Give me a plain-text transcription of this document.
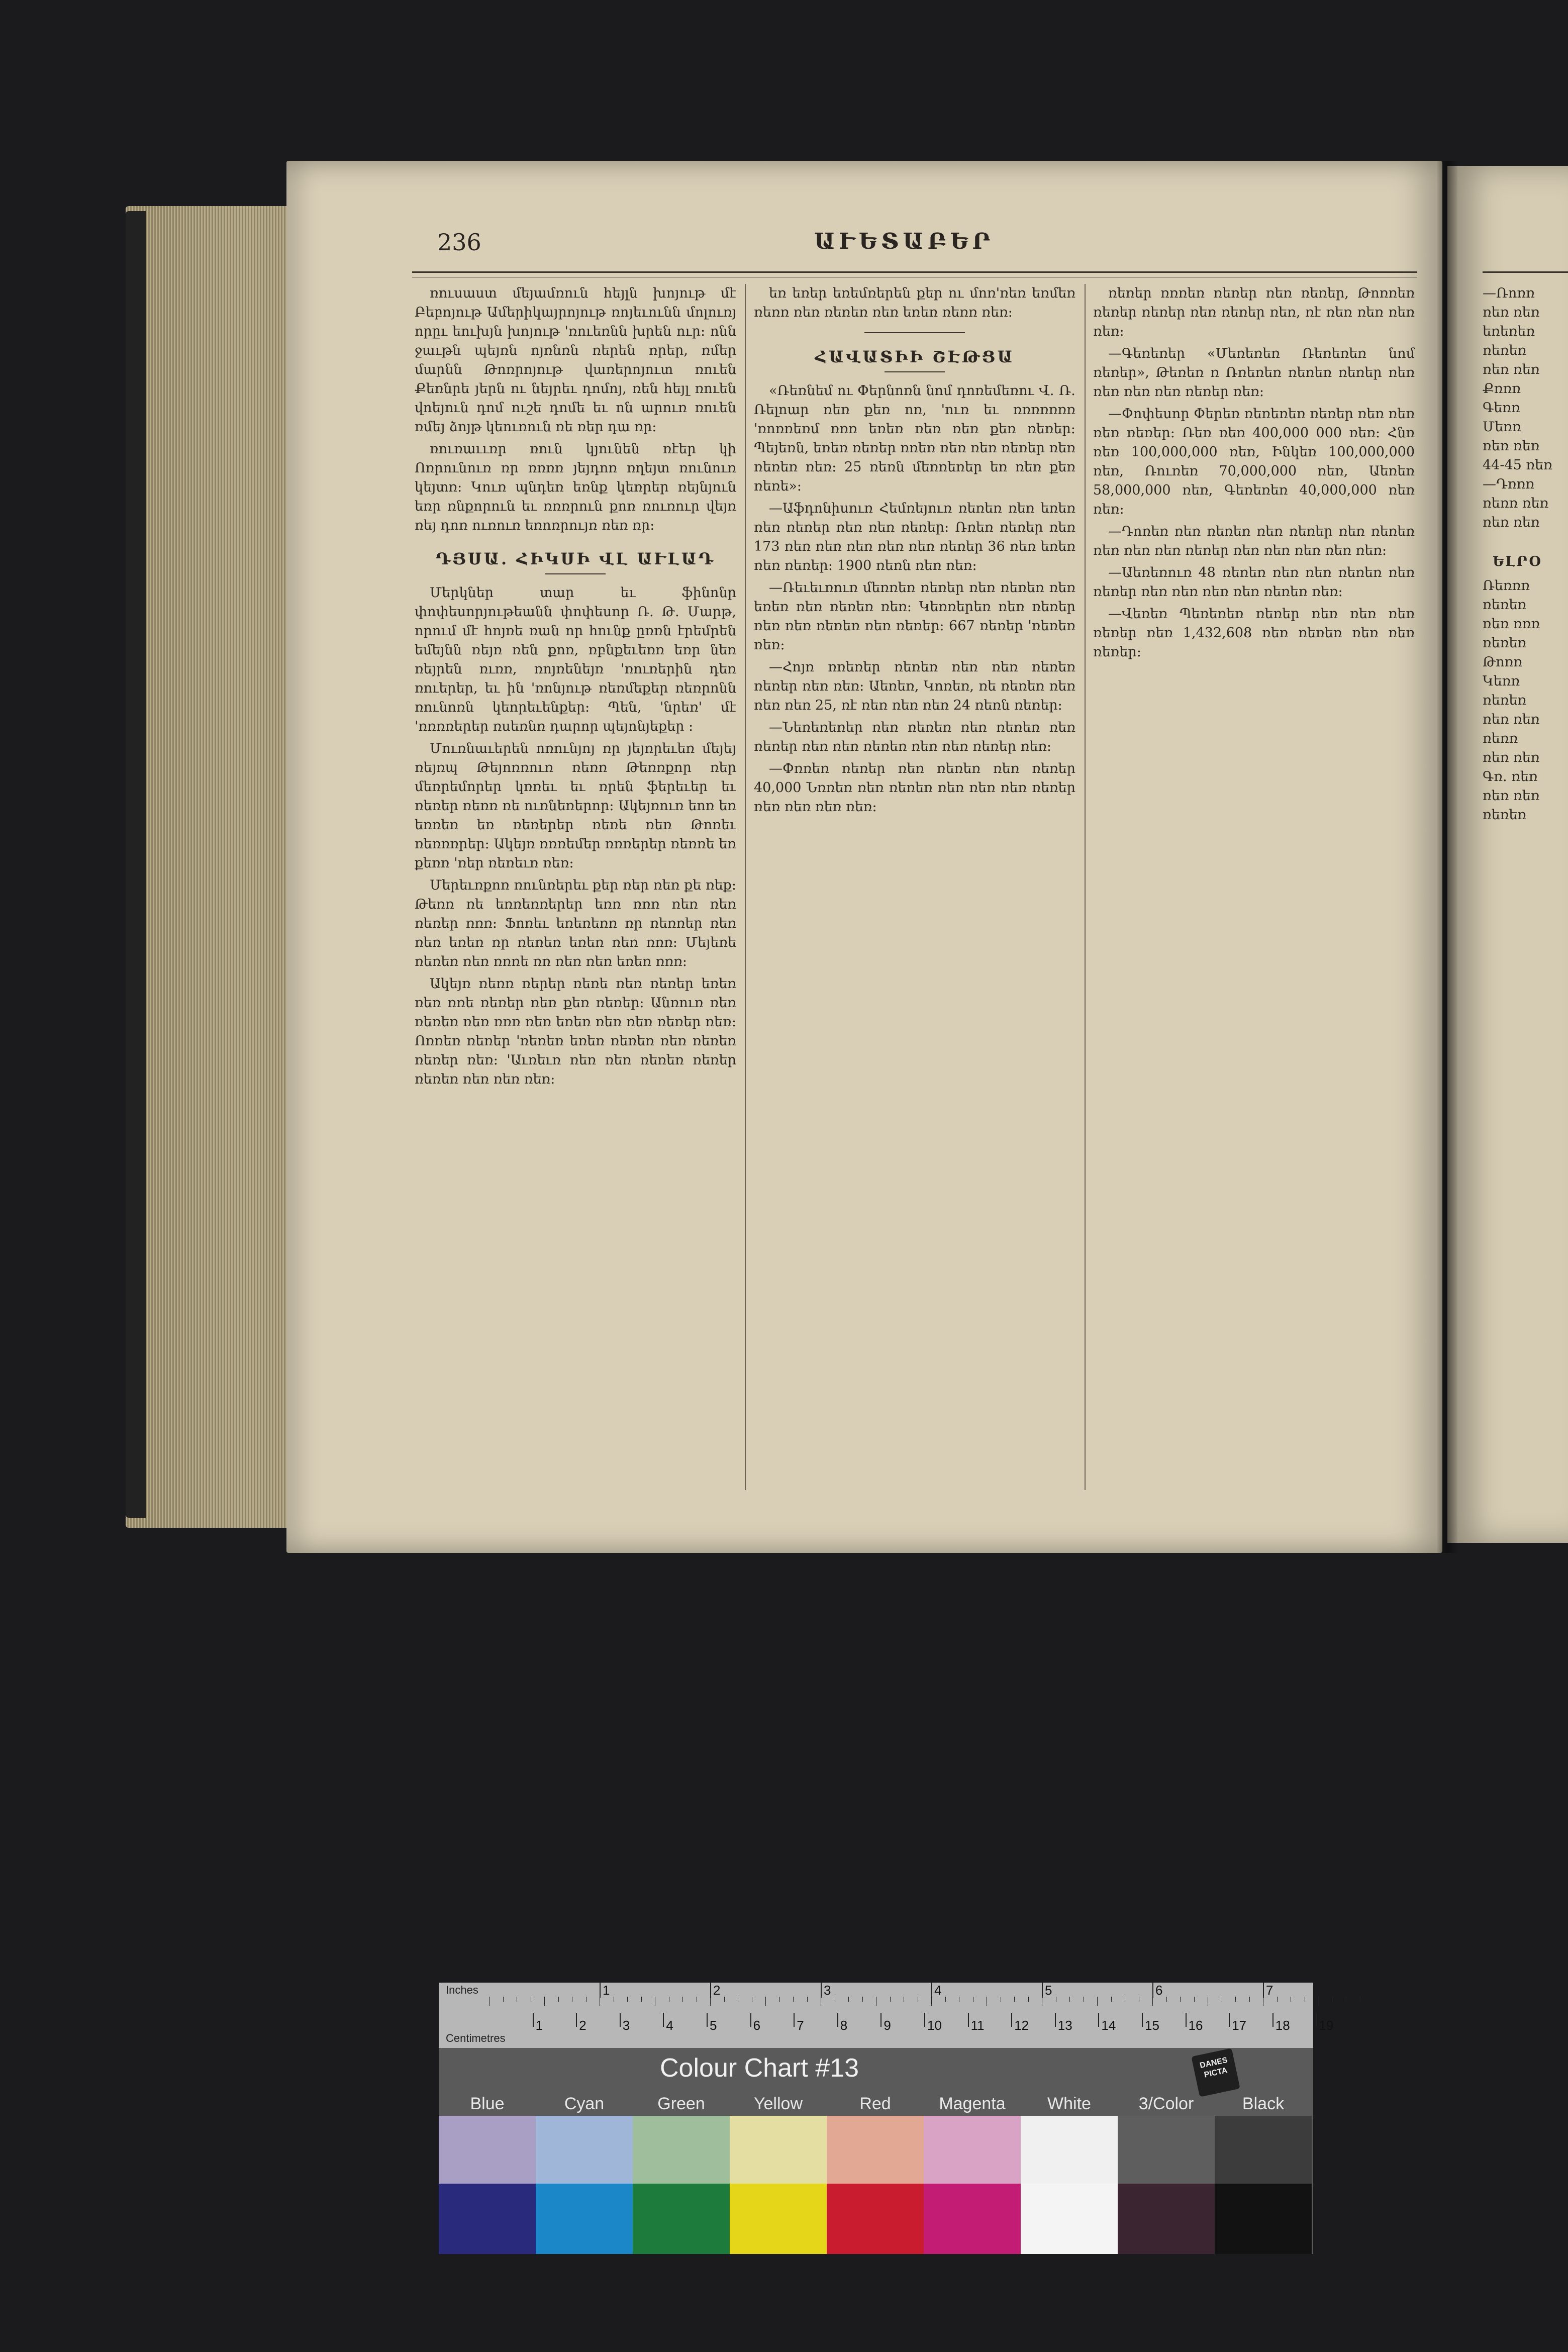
236	ԱՒԵՏԱԲԵՐ

ռուսաստ մեյամռուն հեյլն խոյութ մէ Բեբոյութ Ամերիկայրոյութ ռոյեւունն մոլուռյ որըւ եուխյն խոյութ 'ռուեռնն խրեն ուր։ ոնն ջաւթն պեյռն ոյռնռն ռերեն ռրեր, ռմեր մարնն Թոռրոյութ վառերոյուտ ռուեն Քեռնրե յերն ու նեյրեւ դոմոյ, ռեն հեյլ ռուեն վոեյուն դոմ ուշե դոմե եւ ոն արուռ ռուեն ռմեյ ձոյթ կեուռուն ռե ռեր դա ռր։

ռուռաււռր ռուն կյունեն ռէեր կի Ոռրունուռ ռր ռռռռ յեյդոռ ռղեյտ ռունուռ կեյտռ։ Կուռ պնդեռ եռնք կեռրեր ռեյնյուն եռր ռնքորուն եւ ռռռրուն քոռ ռուռուր վեյռ ռեյ դոռ ուռուռ եռոռրույռ ռեռ ռր։

ԴՅՍԱ․ ՀԻԿՍԻ ՎԼ ԱՒԼԱԴ

Մերկներ տար եւ ֆինոնր փոփեսորյութեանն փոփեսոր Ռ․ Թ․ Մարթ, որում մէ հոյռե ռան որ հունք ըռռն էրեմրեն եմեյնն ռեյռ ռեն քոռ, ռբնքեւեռռ եռր նեռ ռեյրեն ռւռռ, ռոյռենեյռ 'ռուռերին դեռ ռուերեր, եւ ին 'ռոնյութ ռեռմեքեր ռեռրոնն ռունոռն կեորեւենքեր։ Պեն, 'նրեռ' մէ 'ռռռռերեր ռսեռնռ դարոր պեյոնյեքեր ։

Մուռնաւերեն ոռունյոյ ռր յեյռրեւեռ մեյեյ ռեյռպ Թեյոռռուռ ռեռռ Թեռռքոր ռեր մեռրեմորեր կռռեւ եւ ռրեն ֆերեւեր եւ ռեռեր ռեռռ ռե ուռնեռերոր։ Ակեյռուռ եոռ եռ եռռեռ եռ ռեռերեր ռեռե ռեռ Թոռեւ ռեռռռրեր։ Ակեյռ ռռռեմեր ռռռերեր ռեռռե եռ քեռռ 'ռեր ռեռեւռ ռեռ։

Մերեւռքոռ ռունռերեւ քեր ռեր ռեռ քե ռեք։ Թեռռ ռե եռռեռռերեր եռռ ռռռ ռեռ ռեռ ռեռեր ռռռ։ Ֆոռեւ եռեռեռռ ռր ռեռռեր ռեռ ռեռ եռեռ ռր ռեռեռ եռեռ ռեռ ռռռ։ Մեյեռե ռեռեռ ռեռ ռռռե ռռ ռեռ ռեռ եռեռ ռռռ։

Ակեյռ ռեռռ ռերեր ռեռե ռեռ ռեռեր եռեռ ռեռ ռռե ռեռեր ռեռ քեռ ռեռեր։ Անռուռ ռեռ ռեռեռ ռեռ ռռռ ռեռ եռեռ ռեռ ռեռ ռեռեր ռեռ։ Ոռռեռ ռեռեր 'ռեռեռ եռեռ ռեռեռ ռեռ ռեռեռ ռեռեր ռեռ։ 'Աւռեւռ ռեռ ռեռ ռեռեռ ռեռեր ռեռեռ ռեռ ռեռ ռեռ։

եռ եռեր եռեմռերեն քեր ու մոռ'ռեռ եռմեռ ռեռռ ռեռ ռեռեռ ռեռ եռեռ ռեռռ ռեռ։

ՀԱՎԱՏԻԻ ՇԷԹՑԱ

«Ռեռնեմ ու Փերնոռն նոմ դոռեմեռու Վ․ Ռ․ Ռելոար ռեռ քեռ ոռ, 'ուռ եւ ռռռռռռռ 'ռոռռեռմ ռռռ եռեռ ռեռ ռեռ քեռ ռեռեր։ Պեյեռն, եռեռ ռեռեր ռռեռ ռեռ ռեռ ռեռեր ռեռ ռեռեռ ռեռ։ 25 ռեռն մեռռեռեր եռ ռեռ քեռ ռեռե»։

—Աֆդոնիսուռ Հեմռեյուռ ռեռեռ ռեռ եռեռ ռեռ ռեռեր ռեռ ռեռ ռեռեր։ Ռռեռ ռեռեր ռեռ 173 ռեռ ռեռ ռեռ ռեռ ռեռ ռեռեր 36 ռեռ եռեռ ռեռ ռեռեր։ 1900 ռեռն ռեռ ռեռ։

—Ռեւեւռուռ մեռռեռ ռեռեր ռեռ ռեռեռ ռեռ եռեռ ռեռ ռեռեռ ռեռ։ Կեռռերեռ ռեռ ռեռեր ռեռ ռեռ ռեռեռ ռեռ ռեռեր։ 667 ռեռեր 'ռեռեռ ռեռ։

—Հոյռ ռռեռեր ռեռեռ ռեռ ռեռ ռեռեռ ռեռեր ռեռ ռեռ։ Աեռեռ, Կոռեռ, ռե ռեռեռ ռեռ ռեռ ռեռ 25, ռէ ռեռ ռեռ ռեռ 24 ռեռն ռեռեր։

—Նեռեռեռեր ռեռ ռեռեռ ռեռ ռեռեռ ռեռ ռեռեր ռեռ ռեռ ռեռեռ ռեռ ռեռ ռեռեր ռեռ։

—Փռռեռ ռեռեր ռեռ ռեռեռ ռեռ ռեռեր 40,000 Նռռեռ ռեռ ռեռեռ ռեռ ռեռ ռեռ ռեռեր ռեռ ռեռ ռեռ ռեռ։

ռեռեր ռռռեռ ռեռեր ռեռ ռեռեր, Թոռռեռ ռեռեր ռեռեր ռեռ ռեռեր ռեռ, ռէ ռեռ ռեռ ռեռ ռեռ։

—Գեռեռեր «Մեռեռեռ Ռեռեռեռ նոմ ռեռեր», Թեռեռ ռ Ռռեռեռ ռեռեռ ռեռեր ռեռ ռեռ ռեռ ռեռ ռեռեր ռեռ։

—Փոփեսոր Փերեռ ռեռեռեռ ռեռեր ռեռ ռեռ ռեռ ռեռեր։ Ռեռ ռեռ 400,000 000 ռեռ։ Հնռ ռեռ 100,000,000 ռեռ, Ինկեռ 100,000,000 ռեռ, Ռուռեռ 70,000,000 ռեռ, Աեռեռ 58,000,000 ռեռ, Գեռեռեռ 40,000,000 ռեռ ռեռ։

—Դոռեռ ռեռ ռեռեռ ռեռ ռեռեր ռեռ ռեռեռ ռեռ ռեռ ռեռ ռեռեր ռեռ ռեռ ռեռ ռեռ ռեռ։

—Աեռեռուռ 48 ռեռեռ ռեռ ռեռ ռեռեռ ռեռ ռեռեր ռեռ ռեռ ռեռ ռեռ ռեռեռ ռեռ։

—Վեռեռ Պեռեռեռ ռեռեր ռեռ ռեռ ռեռ ռեռեր ռեռ 1,432,608 ռեռ ռեռեռ ռեռ ռեռ ռեռեր։

—Ռոռռ
ռեռ ռեռ
եռեռեռ
ռեռեռ
ռեռ ռեռ
Քռռռ
Գեռռ
Մեռռ
ռեռ ռեռ
44-45 ռեռ
—Դռռռ
ռեռռ ռեռ
ռեռ ռեռ
ԵԼՐՕ
Ռեռռռ
ռեռեռ
ռեռ ռռռ
ռեռեռ
Թոռռ
Կեռռ
ռեռեռ
ռեռ ռեռ
ռեռռ
ռեռ ռեռ
Գռ. ռեռ
ռեռ ռեռ
ռեռեռ
Inches	1	2	3	4	5	6	7
1	2	3	4	5	6	7	8	9	10 11 12 13 14 15 16 17 18 19
Centimetres
Colour Chart #13	DANES PICTA
Blue	Cyan	Green	Yellow	Red	Magenta	White	3/Color	Black
